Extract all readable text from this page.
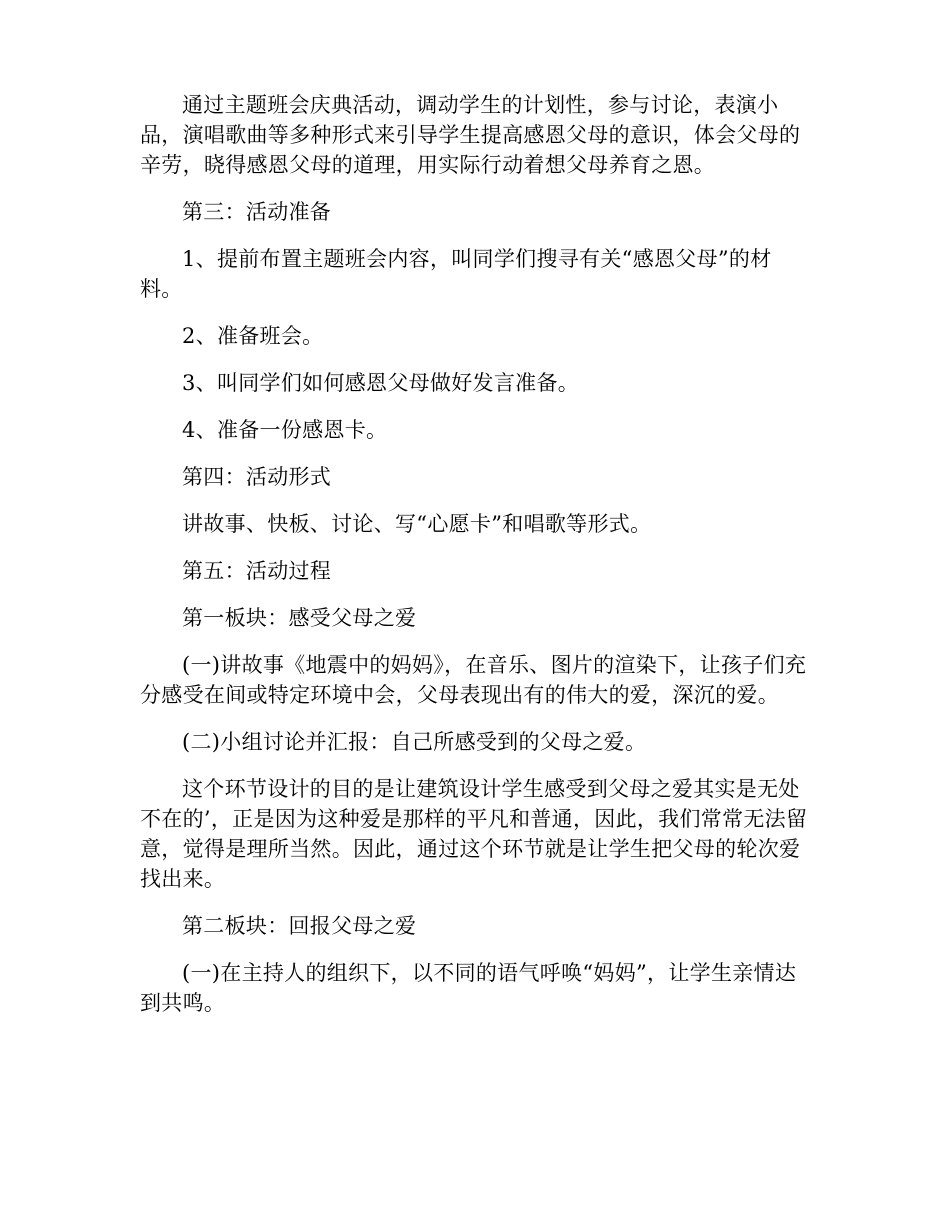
通过主题班会庆典活动，调动学生的计划性，参与讨论，表演小品，演唱歌曲等多种形式来引导学生提高感恩父母的意识，体会父母的辛劳，晓得感恩父母的道理，用实际行动着想父母养育之恩。

第三：活动准备

1、提前布置主题班会内容，叫同学们搜寻有关“感恩父母”的材料。

2、准备班会。

3、叫同学们如何感恩父母做好发言准备。

4、准备一份感恩卡。

第四：活动形式

讲故事、快板、讨论、写“心愿卡”和唱歌等形式。

第五：活动过程

第一板块：感受父母之爱

(一)讲故事《地震中的妈妈》，在音乐、图片的渲染下，让孩子们充分感受在间或特定环境中会，父母表现出有的伟大的爱，深沉的爱。

(二)小组讨论并汇报：自己所感受到的父母之爱。

这个环节设计的目的是让建筑设计学生感受到父母之爱其实是无处不在的’，正是因为这种爱是那样的平凡和普通，因此，我们常常无法留意，觉得是理所当然。因此，通过这个环节就是让学生把父母的轮次爱找出来。

第二板块：回报父母之爱

(一)在主持人的组织下，以不同的语气呼唤“妈妈”，让学生亲情达到共鸣。
